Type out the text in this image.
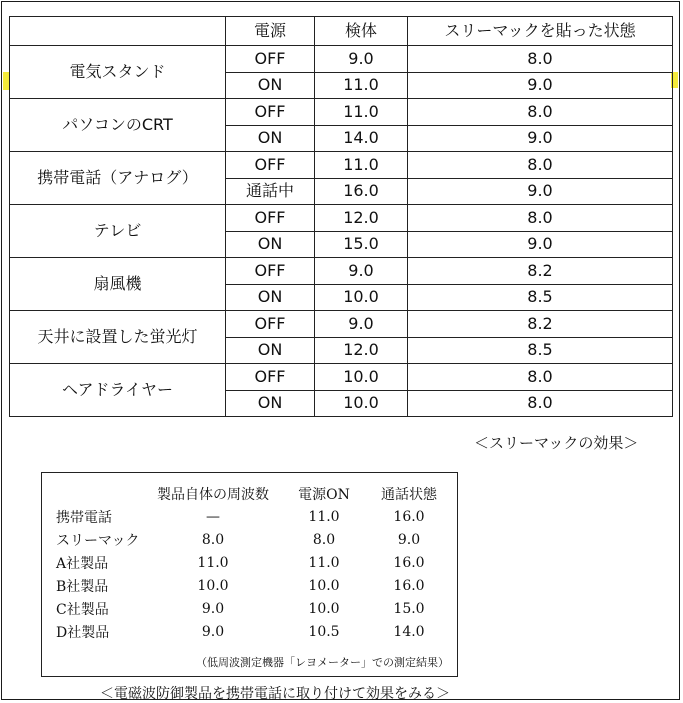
	電源	検体	スリーマックを貼った状態
電気スタンド	OFF	9.0	8.0
	ON	11.0	9.0
パソコンのCRT	OFF	11.0	8.0
	ON	14.0	9.0
携帯電話（アナログ）	OFF	11.0	8.0
	通話中	16.0	9.0
テレビ	OFF	12.0	8.0
	ON	15.0	9.0
扇風機	OFF	9.0	8.2
	ON	10.0	8.5
天井に設置した蛍光灯	OFF	9.0	8.2
	ON	12.0	8.5
ヘアドライヤー	OFF	10.0	8.0
	ON	10.0	8.0
＜スリーマックの効果＞
	製品自体の周波数	電源ON	通話状態
携帯電話	—	11.0	16.0
スリーマック	8.0	8.0	9.0
A社製品	11.0	11.0	16.0
B社製品	10.0	10.0	16.0
C社製品	9.0	10.0	15.0
D社製品	9.0	10.5	14.0
（低周波測定機器「レヨメーター」での測定結果）
＜電磁波防御製品を携帯電話に取り付けて効果をみる＞
